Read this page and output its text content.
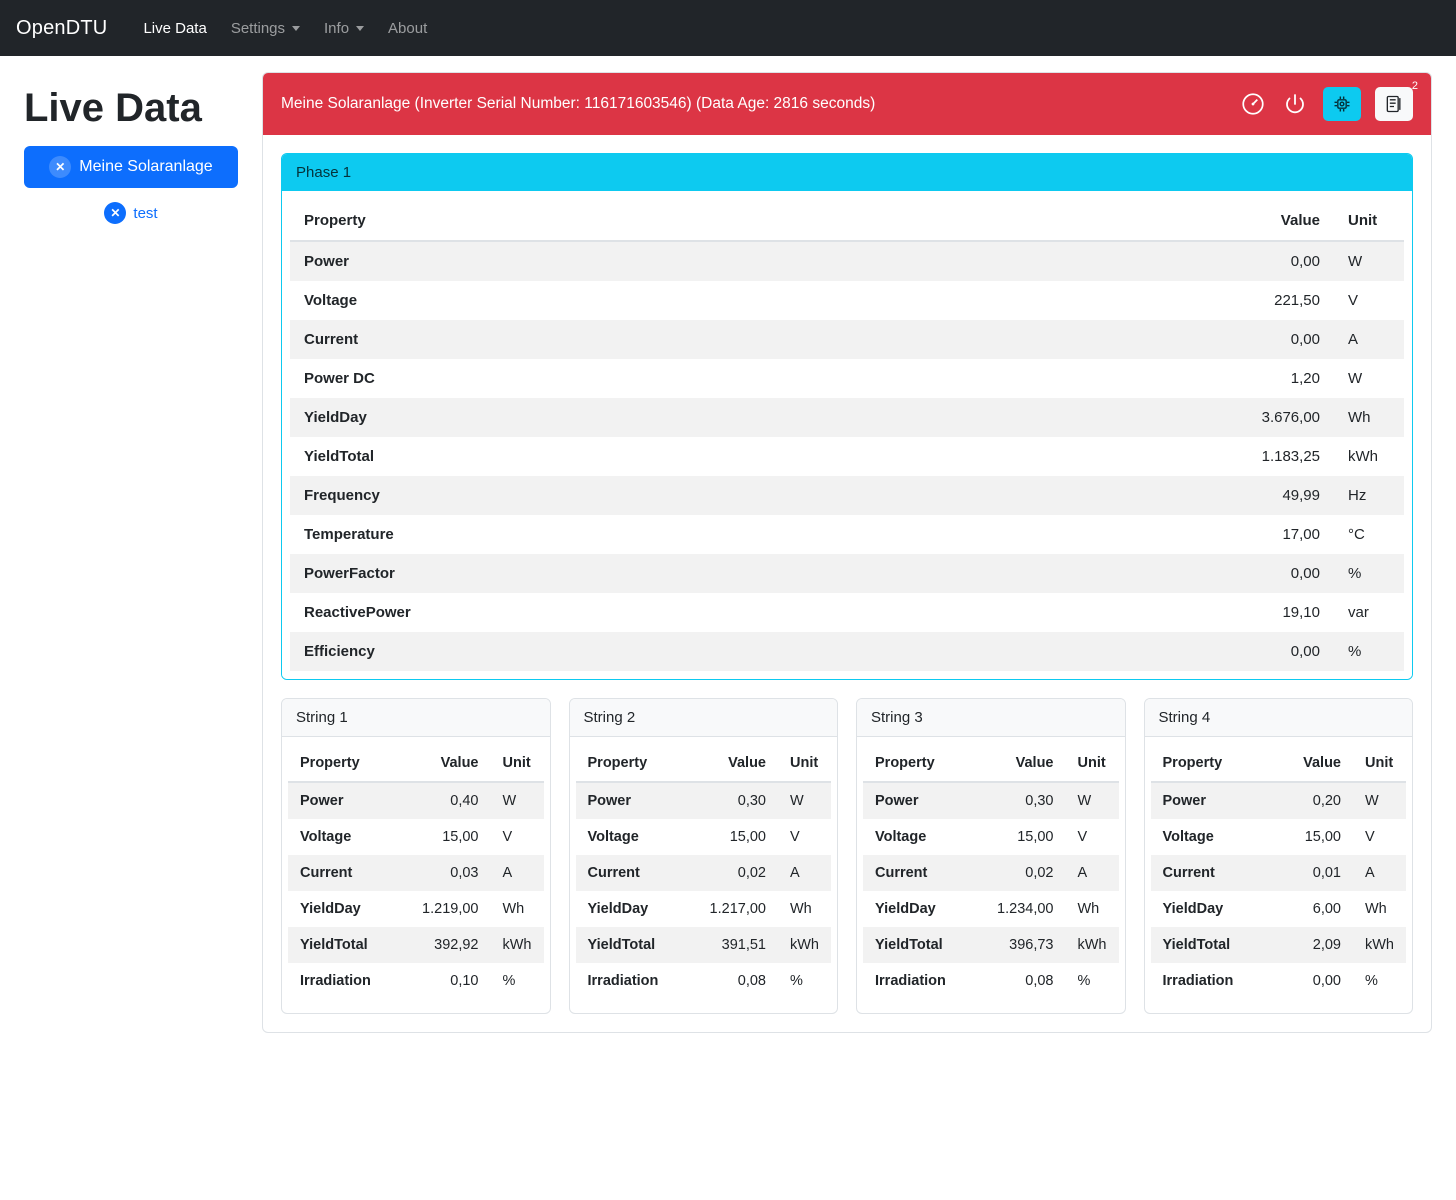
OpenDTU Live Data Settings	Info	About
Live Data
✕ Meine Solaranlage
✕ test
Meine Solaranlage (Inverter Serial Number: 116171603546) (Data Age: 2816 seconds)
2
Phase 1
Property	Value	Unit
Power	0,00	W
Voltage	221,50	V
Current	0,00	A
Power DC	1,20	W
YieldDay	3.676,00	Wh
YieldTotal	1.183,25	kWh
Frequency	49,99	Hz
Temperature	17,00	°C
PowerFactor	0,00	%
ReactivePower	19,10	var
Efficiency	0,00	%
String 1
Property	Value	Unit
Power	0,40	W
Voltage	15,00	V
Current	0,03	A
YieldDay	1.219,00	Wh
YieldTotal	392,92	kWh
Irradiation	0,10	%
String 2
Property	Value	Unit
Power	0,30	W
Voltage	15,00	V
Current	0,02	A
YieldDay	1.217,00	Wh
YieldTotal	391,51	kWh
Irradiation	0,08	%
String 3
Property	Value	Unit
Power	0,30	W
Voltage	15,00	V
Current	0,02	A
YieldDay	1.234,00	Wh
YieldTotal	396,73	kWh
Irradiation	0,08	%
String 4
Property	Value	Unit
Power	0,20	W
Voltage	15,00	V
Current	0,01	A
YieldDay	6,00	Wh
YieldTotal	2,09	kWh
Irradiation	0,00	%
